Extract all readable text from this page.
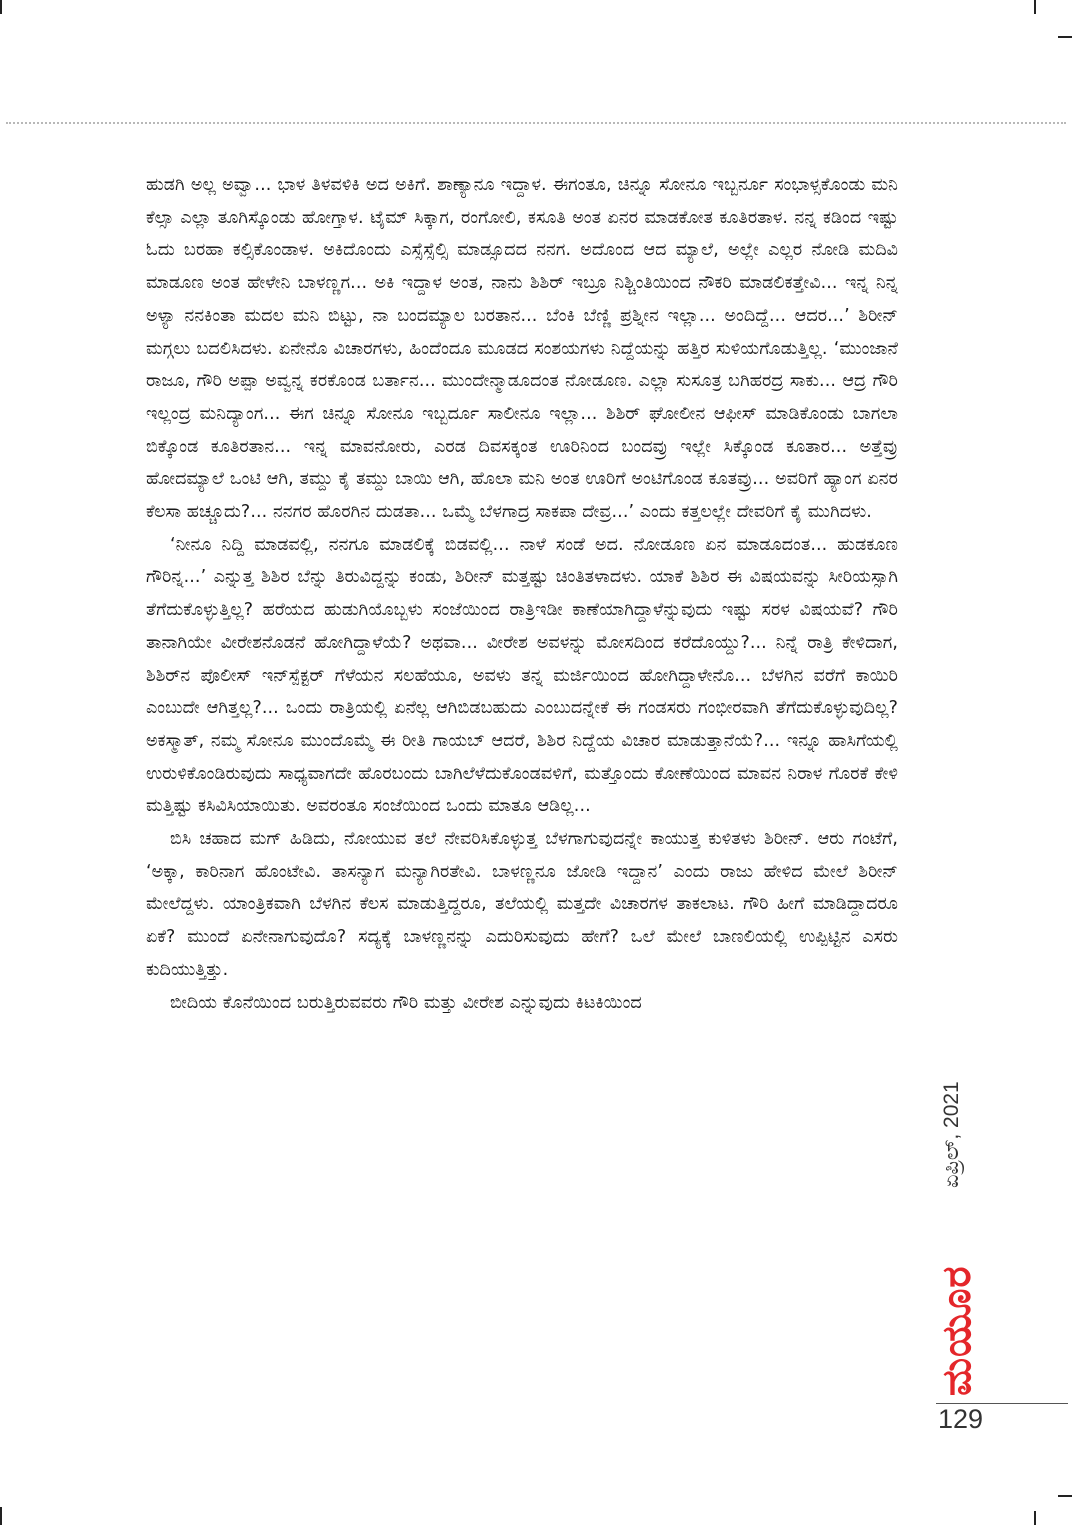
ಹುಡಗಿ ಅಲ್ಲ ಅವ್ವಾ... ಭಾಳ ತಿಳವಳಿಕಿ ಅದ ಅಕಿಗೆ. ಶಾಣ್ಯಾನೂ ಇದ್ದಾಳ. ಈಗಂತೂ, ಚಿನ್ನೂ ಸೋನೂ ಇಬ್ಬರ್ನೂ ಸಂಭಾಳ್ಸಕೊಂಡು ಮನಿ ಕೆಲ್ಸಾ ಎಲ್ಲಾ ತೂಗಿಸ್ಕೊಂಡು ಹೋಗ್ತಾಳ. ಟೈಮ್ ಸಿಕ್ಕಾಗ, ರಂಗೋಲಿ, ಕಸೂತಿ ಅಂತ ಏನರ ಮಾಡಕೋತ ಕೂತಿರತಾಳ. ನನ್ನ ಕಡಿಂದ ಇಷ್ಟು ಓದು ಬರಹಾ ಕಲ್ಸಿಕೊಂಡಾಳ. ಅಕಿದೊಂದು ಎಸ್ಸೆಸ್ಸೆಲ್ಸಿ ಮಾಡ್ಸೂದದ ನನಗ. ಅದೊಂದ ಆದ ಮ್ಯಾಲೆ, ಅಲ್ಲೇ ಎಲ್ಲರ ನೋಡಿ ಮದಿವಿ ಮಾಡೂಣ ಅಂತ ಹೇಳೇನಿ ಬಾಳಣ್ಣಗ... ಅಕಿ ಇದ್ದಾಳ ಅಂತ, ನಾನು ಶಿಶಿರ್ ಇಬ್ರೂ ನಿಶ್ಚಿಂತಿಯಿಂದ ನೌಕರಿ ಮಾಡಲಿಕತ್ತೇವಿ... ಇನ್ನ ನಿನ್ನ ಅಳ್ಯಾ ನನಕಿಂತಾ ಮದಲ ಮನಿ ಬಿಟ್ಟು, ನಾ ಬಂದಮ್ಯಾಲ ಬರತಾನ... ಬೆಂಕಿ ಬೆಣ್ಣಿ ಪ್ರಶ್ನೀನ ಇಲ್ಲಾ... ಅಂದಿದ್ದೆ... ಆದರ...’ ಶಿರೀನ್ ಮಗ್ಗಲು ಬದಲಿಸಿದಳು. ಏನೇನೊ ವಿಚಾರಗಳು, ಹಿಂದೆಂದೂ ಮೂಡದ ಸಂಶಯಗಳು ನಿದ್ದೆಯನ್ನು ಹತ್ತಿರ ಸುಳಿಯಗೊಡುತ್ತಿಲ್ಲ. ‘ಮುಂಜಾನೆ ರಾಜೂ, ಗೌರಿ ಅಪ್ಪಾ ಅವ್ವನ್ನ ಕರಕೊಂಡ ಬರ್ತಾನ... ಮುಂದೇನ್ಮಾಡೂದಂತ ನೋಡೂಣ. ಎಲ್ಲಾ ಸುಸೂತ್ರ ಬಗಿಹರದ್ರ ಸಾಕು... ಆದ್ರ ಗೌರಿ ಇಲ್ಲಂದ್ರ ಮನಿದ್ಯಾಂಗ... ಈಗ ಚಿನ್ನೂ ಸೋನೂ ಇಬ್ಬರ್ದೂ ಸಾಲೀನೂ ಇಲ್ಲಾ... ಶಿಶಿರ್ ಘೋಲೀನ ಆಫೀಸ್ ಮಾಡಿಕೊಂಡು ಬಾಗಲಾ ಬಿಕ್ಕೊಂಡ ಕೂತಿರತಾನ... ಇನ್ನ ಮಾವನೋರು, ಎರಡ ದಿವಸಕ್ಕಂತ ಊರಿನಿಂದ ಬಂದವ್ರು ಇಲ್ಲೇ ಸಿಕ್ಕೊಂಡ ಕೂತಾರ... ಅತ್ತೆವ್ರು ಹೋದಮ್ಯಾಲೆ ಒಂಟಿ ಆಗಿ, ತಮ್ದು ಕೈ ತಮ್ದು ಬಾಯಿ ಆಗಿ, ಹೊಲಾ ಮನಿ ಅಂತ ಊರಿಗೆ ಅಂಟಿಗೊಂಡ ಕೂತವ್ರು... ಅವರಿಗೆ ಹ್ಯಾಂಗ ಏನರ ಕೆಲಸಾ ಹಚ್ಚೂದು?... ನನಗರ ಹೊರಗಿನ ದುಡತಾ... ಒಮ್ಮೆ ಬೆಳಗಾದ್ರ ಸಾಕಪಾ ದೇವ್ರ...’ ಎಂದು ಕತ್ತಲಲ್ಲೇ ದೇವರಿಗೆ ಕೈ ಮುಗಿದಳು.

‘ನೀನೂ ನಿದ್ದಿ ಮಾಡವಲ್ಲಿ, ನನಗೂ ಮಾಡಲಿಕ್ಕೆ ಬಿಡವಲ್ಲಿ... ನಾಳೆ ಸಂಡೆ ಅದ. ನೋಡೂಣ ಏನ ಮಾಡೂದಂತ... ಹುಡಕೂಣ ಗೌರಿನ್ನ...’ ಎನ್ನುತ್ತ ಶಿಶಿರ ಬೆನ್ನು ತಿರುವಿದ್ದನ್ನು ಕಂಡು, ಶಿರೀನ್ ಮತ್ತಷ್ಟು ಚಿಂತಿತಳಾದಳು. ಯಾಕೆ ಶಿಶಿರ ಈ ವಿಷಯವನ್ನು ಸೀರಿಯಸ್ಸಾಗಿ ತೆಗೆದುಕೊಳ್ಳುತ್ತಿಲ್ಲ? ಹರೆಯದ ಹುಡುಗಿಯೊಬ್ಬಳು ಸಂಜೆಯಿಂದ ರಾತ್ರಿಇಡೀ ಕಾಣೆಯಾಗಿದ್ದಾಳೆನ್ನುವುದು ಇಷ್ಟು ಸರಳ ವಿಷಯವೆ? ಗೌರಿ ತಾನಾಗಿಯೇ ವೀರೇಶನೊಡನೆ ಹೋಗಿದ್ದಾಳೆಯೆ? ಅಥವಾ... ವೀರೇಶ ಅವಳನ್ನು ಮೋಸದಿಂದ ಕರೆದೊಯ್ದು?... ನಿನ್ನೆ ರಾತ್ರಿ ಕೇಳಿದಾಗ, ಶಿಶಿರ್‌ನ ಪೊಲೀಸ್ ಇನ್‌ಸ್ಪೆಕ್ಟರ್ ಗೆಳೆಯನ ಸಲಹೆಯೂ, ಅವಳು ತನ್ನ ಮರ್ಜಿಯಿಂದ ಹೋಗಿದ್ದಾಳೇನೊ... ಬೆಳಗಿನ ವರೆಗೆ ಕಾಯಿರಿ ಎಂಬುದೇ ಆಗಿತ್ತಲ್ಲ?... ಒಂದು ರಾತ್ರಿಯಲ್ಲಿ ಏನೆಲ್ಲ ಆಗಿಬಿಡಬಹುದು ಎಂಬುದನ್ನೇಕೆ ಈ ಗಂಡಸರು ಗಂಭೀರವಾಗಿ ತೆಗೆದುಕೊಳ್ಳುವುದಿಲ್ಲ? ಅಕಸ್ಮಾತ್, ನಮ್ಮ ಸೋನೂ ಮುಂದೊಮ್ಮೆ ಈ ರೀತಿ ಗಾಯಬ್ ಆದರೆ, ಶಿಶಿರ ನಿದ್ದೆಯ ವಿಚಾರ ಮಾಡುತ್ತಾನೆಯೆ?... ಇನ್ನೂ ಹಾಸಿಗೆಯಲ್ಲಿ ಉರುಳಿಕೊಂಡಿರುವುದು ಸಾಧ್ಯವಾಗದೇ ಹೊರಬಂದು ಬಾಗಿಲೆಳೆದುಕೊಂಡವಳಿಗೆ, ಮತ್ತೊಂದು ಕೋಣೆಯಿಂದ ಮಾವನ ನಿರಾಳ ಗೊರಕೆ ಕೇಳಿ ಮತ್ತಿಷ್ಟು ಕಸಿವಿಸಿಯಾಯಿತು. ಅವರಂತೂ ಸಂಜೆಯಿಂದ ಒಂದು ಮಾತೂ ಆಡಿಲ್ಲ...

ಬಿಸಿ ಚಹಾದ ಮಗ್ ಹಿಡಿದು, ನೋಯುವ ತಲೆ ನೇವರಿಸಿಕೊಳ್ಳುತ್ತ ಬೆಳಗಾಗುವುದನ್ನೇ ಕಾಯುತ್ತ ಕುಳಿತಳು ಶಿರೀನ್. ಆರು ಗಂಟೆಗೆ, ‘ಅಕ್ಕಾ, ಕಾರಿನಾಗ ಹೊಂಟೇವಿ. ತಾಸನ್ಯಾಗ ಮನ್ಯಾಗಿರತೇವಿ. ಬಾಳಣ್ಣನೂ ಜೋಡಿ ಇದ್ದಾನ’ ಎಂದು ರಾಜು ಹೇಳಿದ ಮೇಲೆ ಶಿರೀನ್ ಮೇಲೆದ್ದಳು. ಯಾಂತ್ರಿಕವಾಗಿ ಬೆಳಗಿನ ಕೆಲಸ ಮಾಡುತ್ತಿದ್ದರೂ, ತಲೆಯಲ್ಲಿ ಮತ್ತದೇ ವಿಚಾರಗಳ ತಾಕಲಾಟ. ಗೌರಿ ಹೀಗೆ ಮಾಡಿದ್ದಾದರೂ ಏಕೆ? ಮುಂದೆ ಏನೇನಾಗುವುದೊ? ಸದ್ಯಕ್ಕೆ ಬಾಳಣ್ಣನನ್ನು ಎದುರಿಸುವುದು ಹೇಗೆ? ಒಲೆ ಮೇಲೆ ಬಾಣಲಿಯಲ್ಲಿ ಉಪ್ಪಿಟ್ಟಿನ ಎಸರು ಕುದಿಯುತ್ತಿತ್ತು.

ಬೀದಿಯ ಕೊನೆಯಿಂದ ಬರುತ್ತಿರುವವರು ಗೌರಿ ಮತ್ತು ವೀರೇಶ ಎನ್ನುವುದು ಕಿಟಕಿಯಿಂದ

ಏಪ್ರಿಲ್, 2021
ಮಯೂರ
129
